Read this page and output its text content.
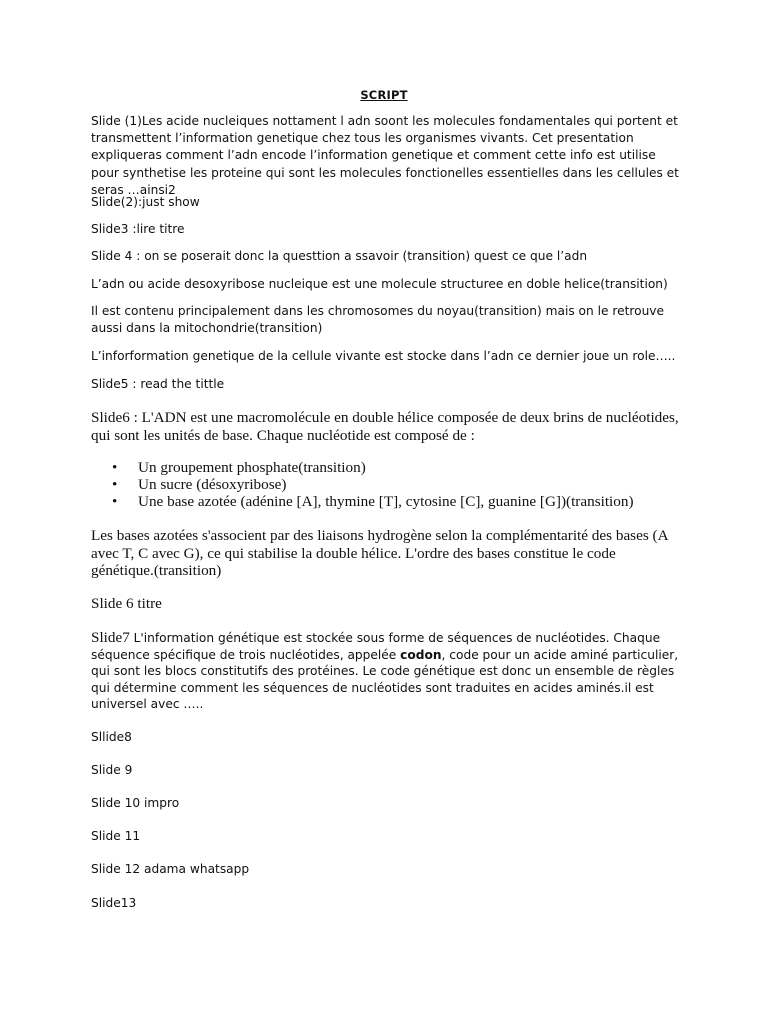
SCRIPT

Slide (1)Les acide nucleiques nottament l adn soont les molecules fondamentales qui portent et transmettent l’information genetique chez tous les organismes vivants. Cet presentation expliqueras comment l’adn encode l’information genetique et comment cette info est utilise pour synthetise les proteine qui sont les molecules fonctionelles essentielles dans les cellules et seras …ainsi2

Slide(2):just show

Slide3 :lire titre

Slide 4 : on se poserait donc la questtion a ssavoir (transition) quest ce que l’adn

L’adn ou acide desoxyribose nucleique est une molecule structuree en doble helice(transition)

Il est contenu principalement dans les chromosomes du noyau(transition) mais on le retrouve aussi dans la mitochondrie(transition)

L’inforformation genetique de la cellule vivante est stocke dans l’adn ce dernier joue un role…..

Slide5 : read the tittle

Slide6 : L'ADN est une macromolécule en double hélice composée de deux brins de nucléotides, qui sont les unités de base. Chaque nucléotide est composé de :

• Un groupement phosphate(transition)
• Un sucre (désoxyribose)
• Une base azotée (adénine [A], thymine [T], cytosine [C], guanine [G])(transition)

Les bases azotées s'associent par des liaisons hydrogène selon la complémentarité des bases (A avec T, C avec G), ce qui stabilise la double hélice. L'ordre des bases constitue le code génétique.(transition)

Slide 6 titre

Slide7 L'information génétique est stockée sous forme de séquences de nucléotides. Chaque séquence spécifique de trois nucléotides, appelée codon, code pour un acide aminé particulier, qui sont les blocs constitutifs des protéines. Le code génétique est donc un ensemble de règles qui détermine comment les séquences de nucléotides sont traduites en acides aminés.il est universel avec …..

Sllide8

Slide 9

Slide 10 impro

Slide 11

Slide 12 adama whatsapp

Slide13
